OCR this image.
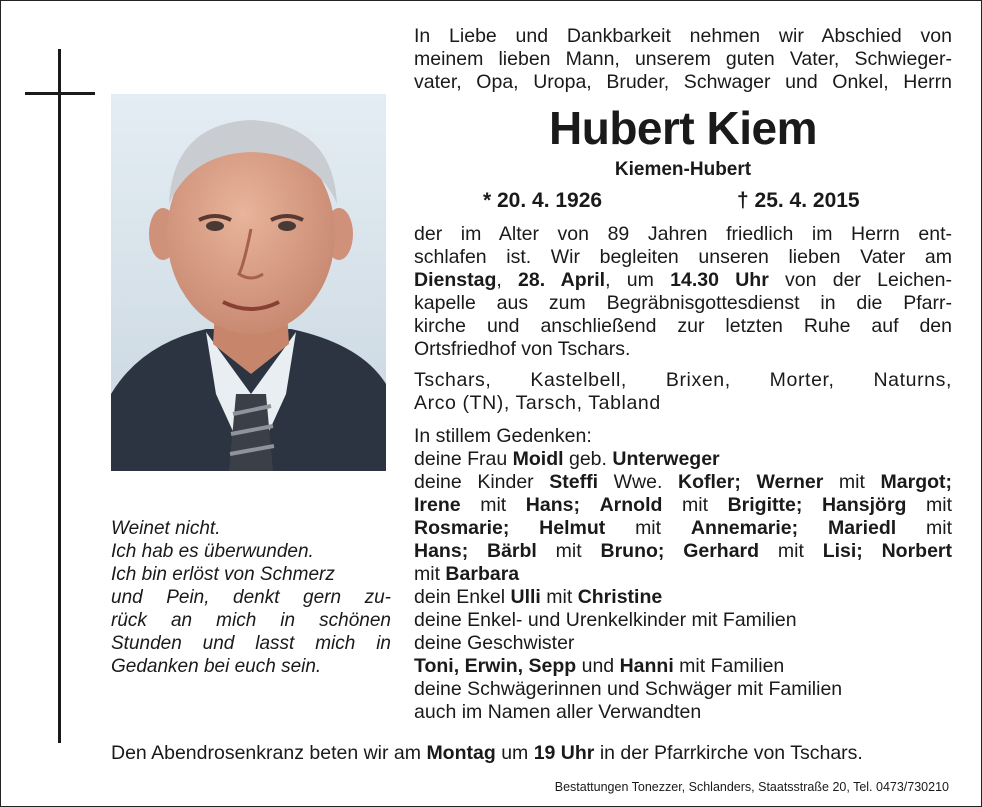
Weinet nicht.
Ich hab es überwunden.
Ich bin erlöst von Schmerz
und Pein, denkt gern zu-
rück an mich in schönen
Stunden und lasst mich in
Gedanken bei euch sein.
In Liebe und Dankbarkeit nehmen wir Abschied von
meinem lieben Mann, unserem guten Vater, Schwieger-
vater, Opa, Uropa, Bruder, Schwager und Onkel, Herrn
Hubert Kiem
Kiemen-Hubert
* 20. 4. 1926	† 25. 4. 2015
der im Alter von 89 Jahren friedlich im Herrn ent-
schlafen ist. Wir begleiten unseren lieben Vater am
Dienstag, 28. April, um 14.30 Uhr von der Leichen-
kapelle aus zum Begräbnisgottesdienst in die Pfarr-
kirche und anschließend zur letzten Ruhe auf den
Ortsfriedhof von Tschars.
Tschars, Kastelbell, Brixen, Morter, Naturns,
Arco (TN), Tarsch, Tabland
In stillem Gedenken:
deine Frau Moidl geb. Unterweger
deine Kinder Steffi Wwe. Kofler; Werner mit Margot;
Irene mit Hans; Arnold mit Brigitte; Hansjörg mit
Rosmarie; Helmut mit Annemarie; Mariedl mit
Hans; Bärbl mit Bruno; Gerhard mit Lisi; Norbert
mit Barbara
dein Enkel Ulli mit Christine
deine Enkel- und Urenkelkinder mit Familien
deine Geschwister
Toni, Erwin, Sepp und Hanni mit Familien
deine Schwägerinnen und Schwäger mit Familien
auch im Namen aller Verwandten
Den Abendrosenkranz beten wir am Montag um 19 Uhr in der Pfarrkirche von Tschars.
Bestattungen Tonezzer, Schlanders, Staatsstraße 20, Tel. 0473/730210
